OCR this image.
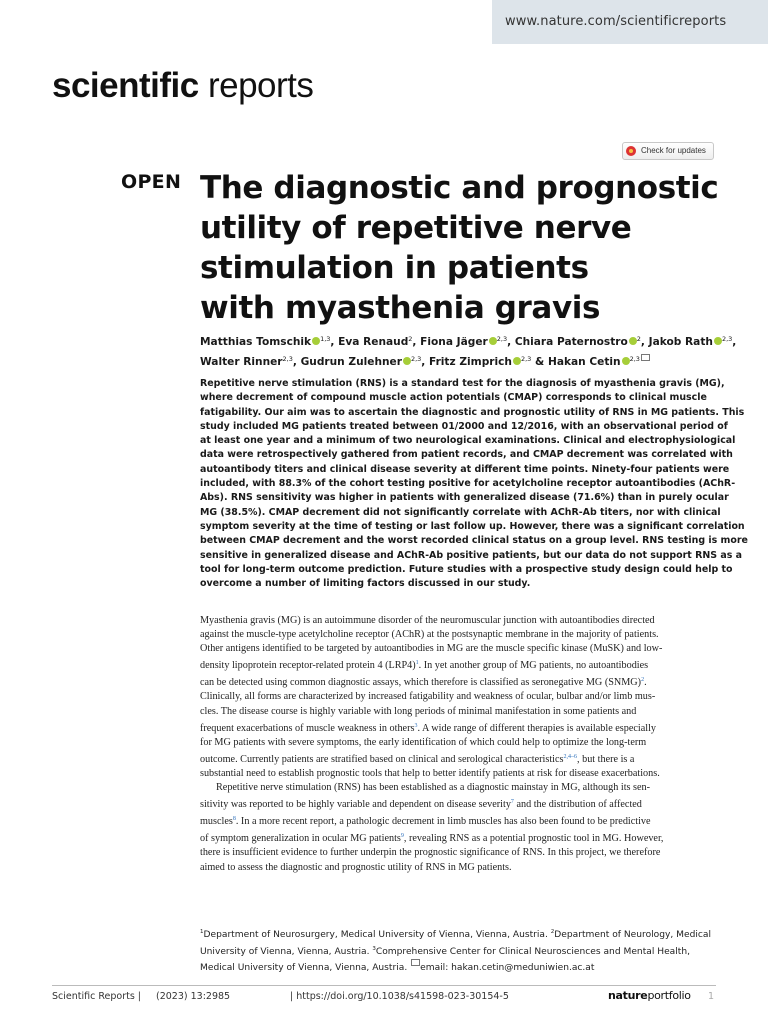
www.nature.com/scientificreports
scientific reports
Check for updates
OPEN The diagnostic and prognostic
utility of repetitive nerve
stimulation in patients
with myasthenia gravis
Matthias Tomschik $^{1,3}$, Eva Renaud$^2$, Fiona Jäger $^{2,3}$, Chiara Paternostro $^2$, Jakob Rath $^{2,3}$,
Walter Rinner$^{2,3}$, Gudrun Zulehner $^{2,3}$, Fritz Zimprich $^{2,3}$ & Hakan Cetin $^{2,3}$
Repetitive nerve stimulation (RNS) is a standard test for the diagnosis of myasthenia gravis (MG),
where decrement of compound muscle action potentials (CMAP) corresponds to clinical muscle
fatigability. Our aim was to ascertain the diagnostic and prognostic utility of RNS in MG patients. This
study included MG patients treated between 01/2000 and 12/2016, with an observational period of
at least one year and a minimum of two neurological examinations. Clinical and electrophysiological
data were retrospectively gathered from patient records, and CMAP decrement was correlated with
autoantibody titers and clinical disease severity at different time points. Ninety-four patients were
included, with 88.3% of the cohort testing positive for acetylcholine receptor autoantibodies (AChR-
Abs). RNS sensitivity was higher in patients with generalized disease (71.6%) than in purely ocular
MG (38.5%). CMAP decrement did not significantly correlate with AChR-Ab titers, nor with clinical
symptom severity at the time of testing or last follow up. However, there was a significant correlation
between CMAP decrement and the worst recorded clinical status on a group level. RNS testing is more
sensitive in generalized disease and AChR-Ab positive patients, but our data do not support RNS as a
tool for long-term outcome prediction. Future studies with a prospective study design could help to
overcome a number of limiting factors discussed in our study.
Myasthenia gravis (MG) is an autoimmune disorder of the neuromuscular junction with autoantibodies directed
against the muscle-type acetylcholine receptor (AChR) at the postsynaptic membrane in the majority of patients.
Other antigens identified to be targeted by autoantibodies in MG are the muscle specific kinase (MuSK) and low-
density lipoprotein receptor-related protein 4 $(LRP4)^1$. In yet another group of MG patients, no autoantibodies
can be detected using common diagnostic assays, which therefore is classified as seronegative MG (SNMG)$^2$.
Clinically, all forms are characterized by increased fatigability and weakness of ocular, bulbar and/or limb mus-
cles. The disease course is highly variable with long periods of minimal manifestation in some patients and
frequent exacerbations of muscle weakness in others$^3$. A wide range of different therapies is available especially
for MG patients with severe symptoms, the early identification of which could help to optimize the long-term
outcome. Currently patients are stratified based on clinical and serological characteristics$^{2,4-6}$, but there is a
substantial need to establish prognostic tools that help to better identify patients at risk for disease exacerbations.
Repetitive nerve stimulation (RNS) has been established as a diagnostic mainstay in MG, although its sen-
sitivity was reported to be highly variable and dependent on disease severity$^7$ and the distribution of affected
muscles$^8$. In a more recent report, a pathologic decrement in limb muscles has also been found to be predictive
of symptom generalization in ocular MG patients$^9$, revealing RNS as a potential prognostic tool in MG. However,
there is insufficient evidence to further underpin the prognostic significance of RNS. In this project, we therefore
aimed to assess the diagnostic and prognostic utility of RNS in MG patients.
$^1$Department of Neurosurgery, Medical University of Vienna, Vienna, Austria. $^2$Department of Neurology, Medical
University of Vienna, Vienna, Austria. $^3$Comprehensive Center for Clinical Neurosciences and Mental Health,
Medical University of Vienna, Vienna, Austria. email: hakan.cetin@meduniwien.ac.at
Scientific Reports | (2023) 13:2985	| https://doi.org/10.1038/s41598-023-30154-5	natureportfolio 1
